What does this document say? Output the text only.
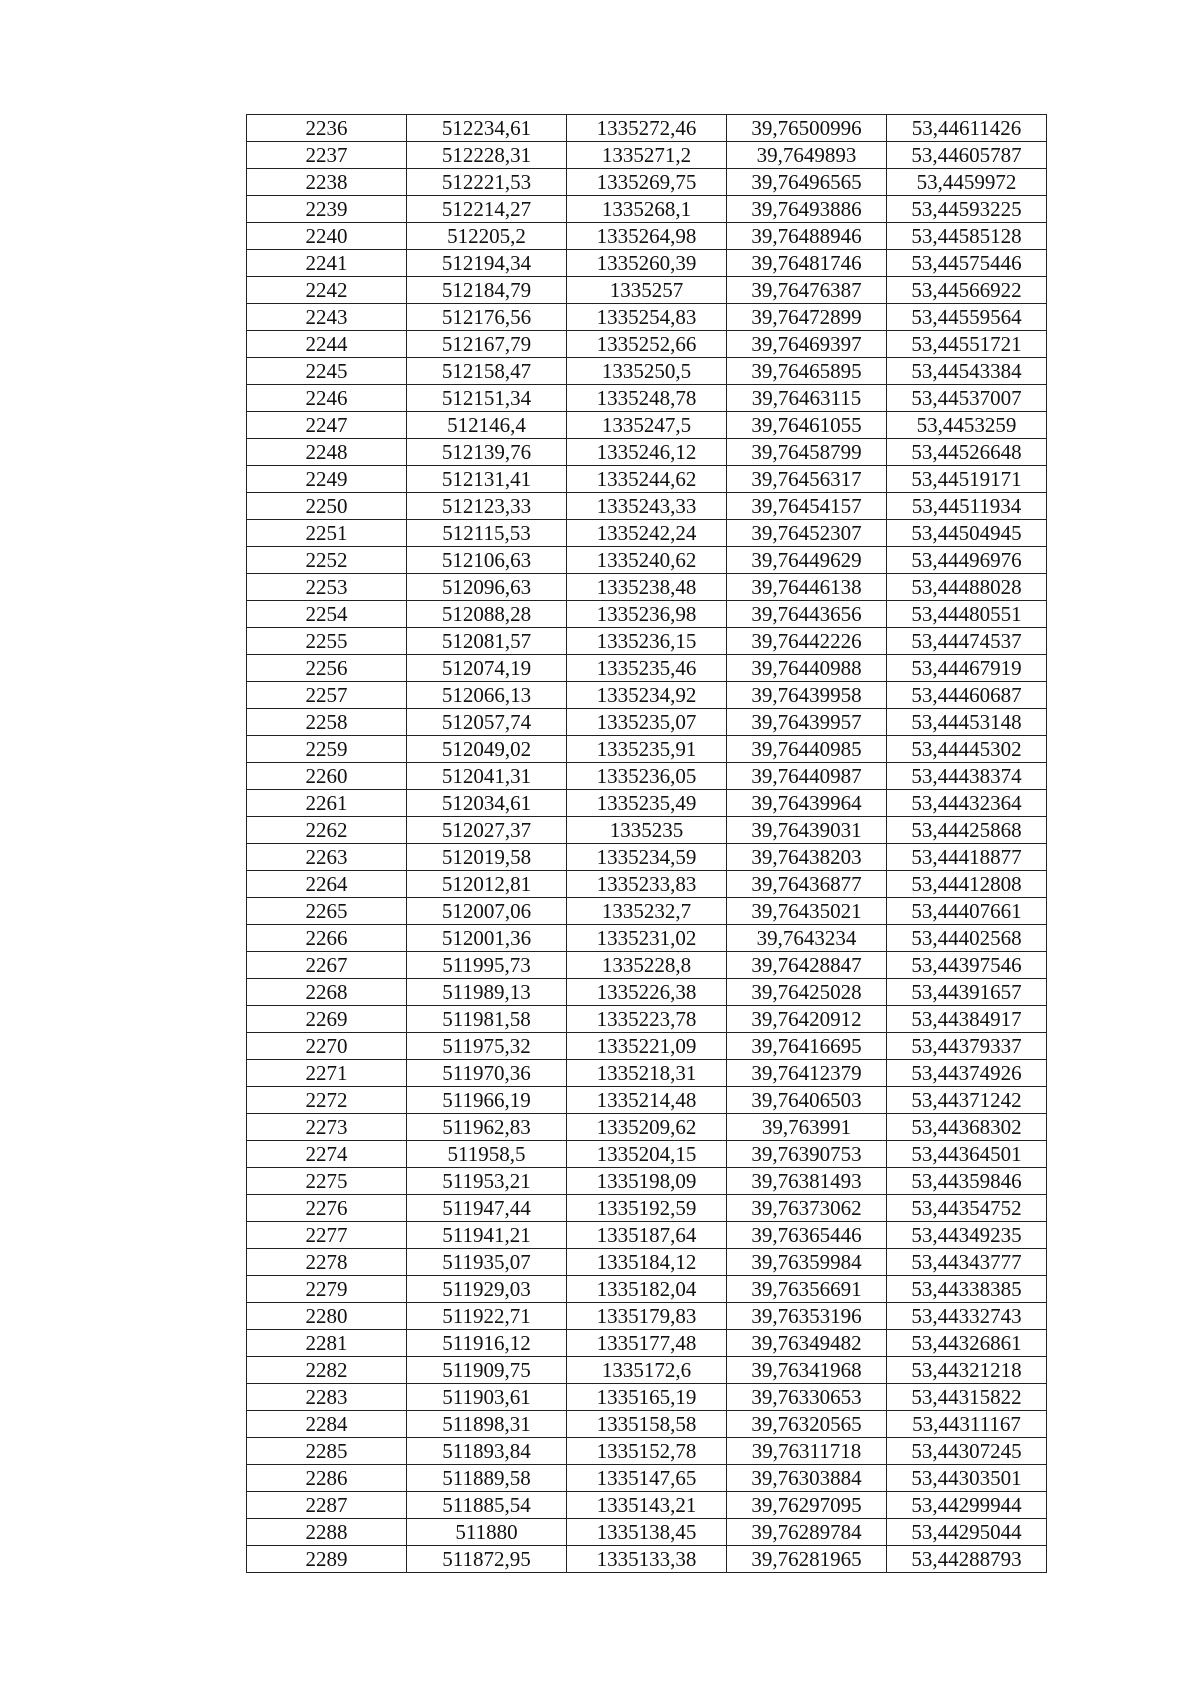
2236	512234,61	1335272,46	39,76500996	53,44611426
2237	512228,31	1335271,2	39,7649893	53,44605787
2238	512221,53	1335269,75	39,76496565	53,4459972
2239	512214,27	1335268,1	39,76493886	53,44593225
2240	512205,2	1335264,98	39,76488946	53,44585128
2241	512194,34	1335260,39	39,76481746	53,44575446
2242	512184,79	1335257	39,76476387	53,44566922
2243	512176,56	1335254,83	39,76472899	53,44559564
2244	512167,79	1335252,66	39,76469397	53,44551721
2245	512158,47	1335250,5	39,76465895	53,44543384
2246	512151,34	1335248,78	39,76463115	53,44537007
2247	512146,4	1335247,5	39,76461055	53,4453259
2248	512139,76	1335246,12	39,76458799	53,44526648
2249	512131,41	1335244,62	39,76456317	53,44519171
2250	512123,33	1335243,33	39,76454157	53,44511934
2251	512115,53	1335242,24	39,76452307	53,44504945
2252	512106,63	1335240,62	39,76449629	53,44496976
2253	512096,63	1335238,48	39,76446138	53,44488028
2254	512088,28	1335236,98	39,76443656	53,44480551
2255	512081,57	1335236,15	39,76442226	53,44474537
2256	512074,19	1335235,46	39,76440988	53,44467919
2257	512066,13	1335234,92	39,76439958	53,44460687
2258	512057,74	1335235,07	39,76439957	53,44453148
2259	512049,02	1335235,91	39,76440985	53,44445302
2260	512041,31	1335236,05	39,76440987	53,44438374
2261	512034,61	1335235,49	39,76439964	53,44432364
2262	512027,37	1335235	39,76439031	53,44425868
2263	512019,58	1335234,59	39,76438203	53,44418877
2264	512012,81	1335233,83	39,76436877	53,44412808
2265	512007,06	1335232,7	39,76435021	53,44407661
2266	512001,36	1335231,02	39,7643234	53,44402568
2267	511995,73	1335228,8	39,76428847	53,44397546
2268	511989,13	1335226,38	39,76425028	53,44391657
2269	511981,58	1335223,78	39,76420912	53,44384917
2270	511975,32	1335221,09	39,76416695	53,44379337
2271	511970,36	1335218,31	39,76412379	53,44374926
2272	511966,19	1335214,48	39,76406503	53,44371242
2273	511962,83	1335209,62	39,763991	53,44368302
2274	511958,5	1335204,15	39,76390753	53,44364501
2275	511953,21	1335198,09	39,76381493	53,44359846
2276	511947,44	1335192,59	39,76373062	53,44354752
2277	511941,21	1335187,64	39,76365446	53,44349235
2278	511935,07	1335184,12	39,76359984	53,44343777
2279	511929,03	1335182,04	39,76356691	53,44338385
2280	511922,71	1335179,83	39,76353196	53,44332743
2281	511916,12	1335177,48	39,76349482	53,44326861
2282	511909,75	1335172,6	39,76341968	53,44321218
2283	511903,61	1335165,19	39,76330653	53,44315822
2284	511898,31	1335158,58	39,76320565	53,44311167
2285	511893,84	1335152,78	39,76311718	53,44307245
2286	511889,58	1335147,65	39,76303884	53,44303501
2287	511885,54	1335143,21	39,76297095	53,44299944
2288	511880	1335138,45	39,76289784	53,44295044
2289	511872,95	1335133,38	39,76281965	53,44288793
